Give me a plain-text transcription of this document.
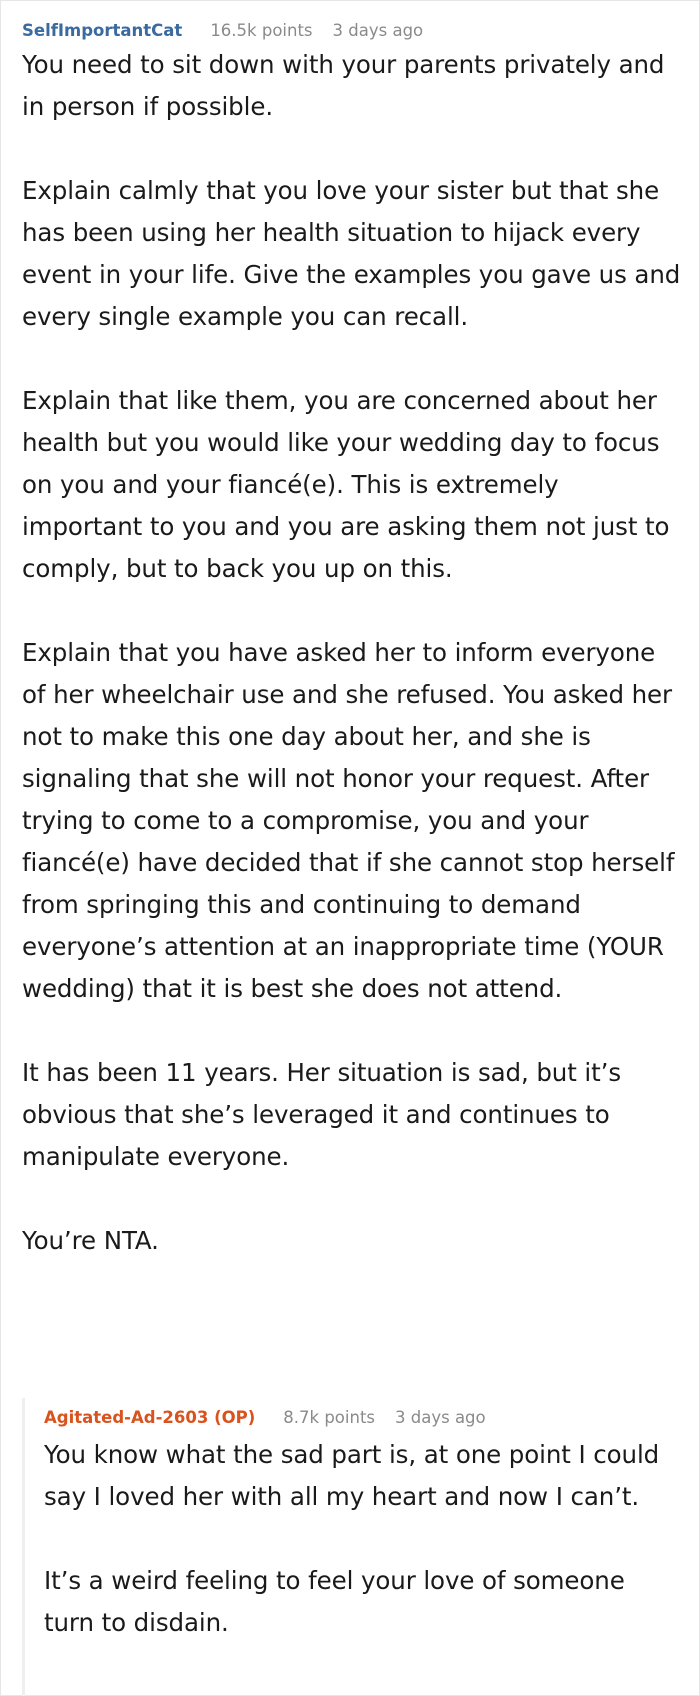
SelfImportantCat 16.5k points 3 days ago

You need to sit down with your parents privately and in person if possible.

Explain calmly that you love your sister but that she has been using her health situation to hijack every event in your life. Give the examples you gave us and every single example you can recall.

Explain that like them, you are concerned about her health but you would like your wedding day to focus on you and your fiancé(e). This is extremely important to you and you are asking them not just to comply, but to back you up on this.

Explain that you have asked her to inform everyone of her wheelchair use and she refused. You asked her not to make this one day about her, and she is signaling that she will not honor your request. After trying to come to a compromise, you and your fiancé(e) have decided that if she cannot stop herself from springing this and continuing to demand everyone’s attention at an inappropriate time (YOUR wedding) that it is best she does not attend.

It has been 11 years. Her situation is sad, but it’s obvious that she’s leveraged it and continues to manipulate everyone.

You’re NTA.

Agitated-Ad-2603 (OP) 8.7k points 3 days ago

You know what the sad part is, at one point I could say I loved her with all my heart and now I can’t.

It’s a weird feeling to feel your love of someone turn to disdain.
